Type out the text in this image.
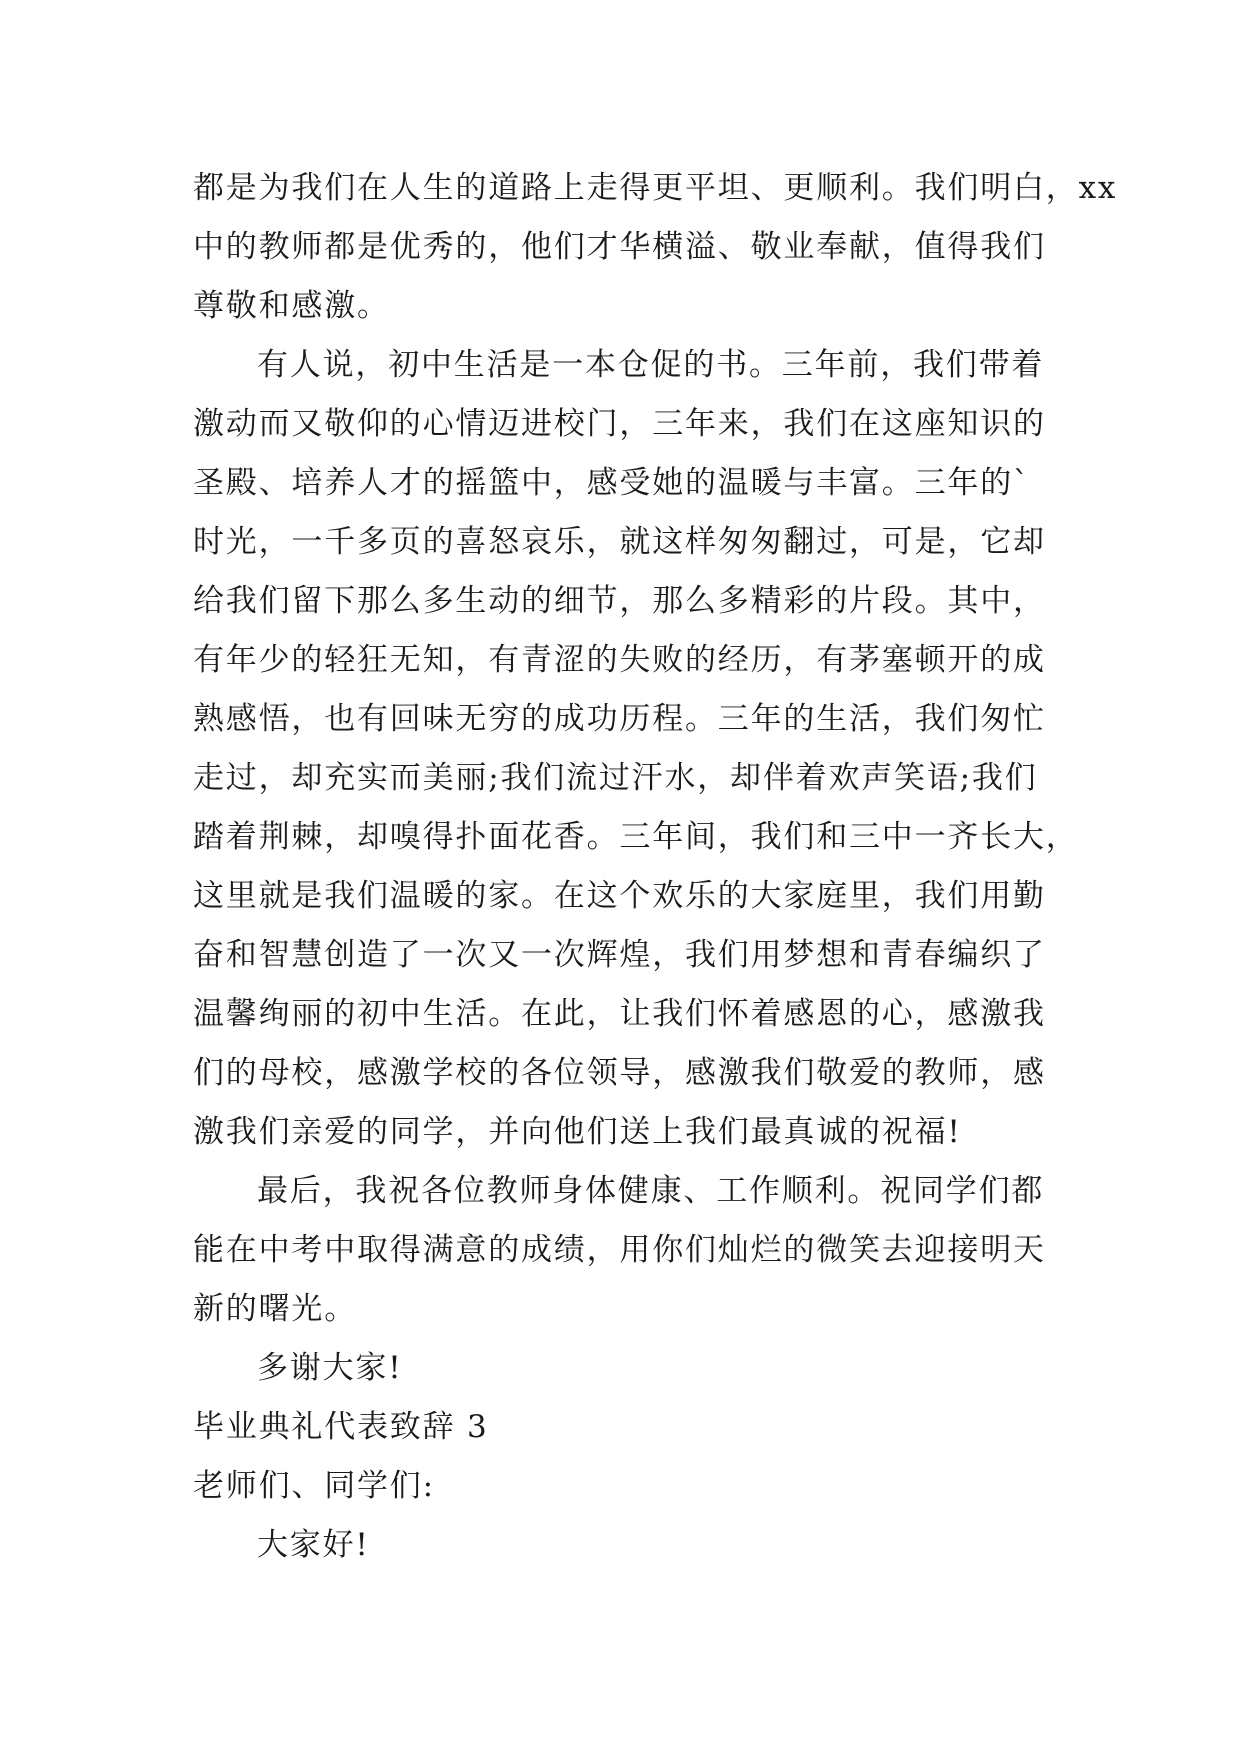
都是为我们在人生的道路上走得更平坦、更顺利。我们明白，xx
中的教师都是优秀的，他们才华横溢、敬业奉献，值得我们
尊敬和感激。
有人说，初中生活是一本仓促的书。三年前，我们带着
激动而又敬仰的心情迈进校门，三年来，我们在这座知识的
圣殿、培养人才的摇篮中，感受她的温暖与丰富。三年的`
时光，一千多页的喜怒哀乐，就这样匆匆翻过，可是，它却
给我们留下那么多生动的细节，那么多精彩的片段。其中，
有年少的轻狂无知，有青涩的失败的经历，有茅塞顿开的成
熟感悟，也有回味无穷的成功历程。三年的生活，我们匆忙
走过，却充实而美丽;我们流过汗水，却伴着欢声笑语;我们
踏着荆棘，却嗅得扑面花香。三年间，我们和三中一齐长大，
这里就是我们温暖的家。在这个欢乐的大家庭里，我们用勤
奋和智慧创造了一次又一次辉煌，我们用梦想和青春编织了
温馨绚丽的初中生活。在此，让我们怀着感恩的心，感激我
们的母校，感激学校的各位领导，感激我们敬爱的教师，感
激我们亲爱的同学，并向他们送上我们最真诚的祝福!
最后，我祝各位教师身体健康、工作顺利。祝同学们都
能在中考中取得满意的成绩，用你们灿烂的微笑去迎接明天
新的曙光。
多谢大家!
毕业典礼代表致辞 3
老师们、同学们:
大家好!
